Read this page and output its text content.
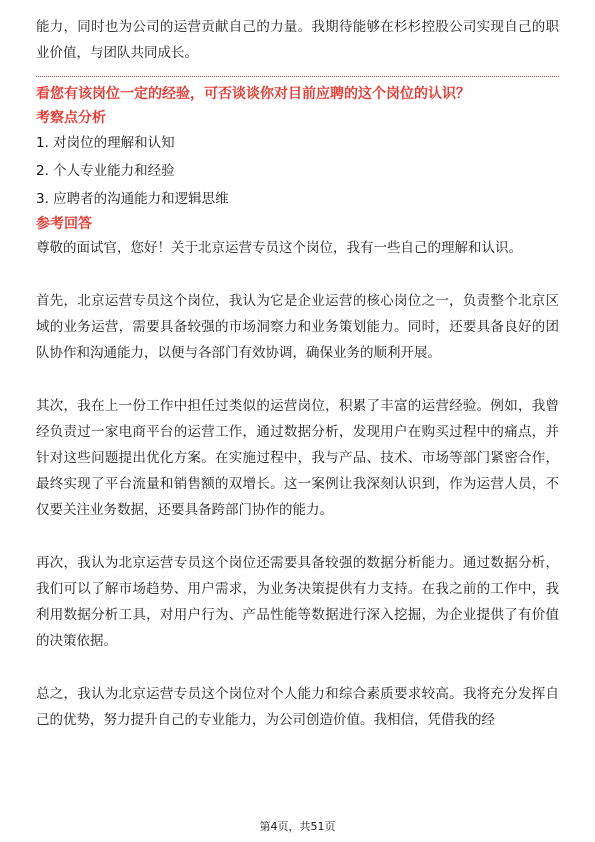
能力，同时也为公司的运营贡献自己的力量。我期待能够在杉杉控股公司实现自己的职业价值，与团队共同成长。

看您有该岗位一定的经验，可否谈谈你对目前应聘的这个岗位的认识？

考察点分析

1. 对岗位的理解和认知

2. 个人专业能力和经验

3. 应聘者的沟通能力和逻辑思维

参考回答

尊敬的面试官，您好！关于北京运营专员这个岗位，我有一些自己的理解和认识。

首先，北京运营专员这个岗位，我认为它是企业运营的核心岗位之一，负责整个北京区域的业务运营，需要具备较强的市场洞察力和业务策划能力。同时，还要具备良好的团队协作和沟通能力，以便与各部门有效协调，确保业务的顺利开展。

其次，我在上一份工作中担任过类似的运营岗位，积累了丰富的运营经验。例如，我曾经负责过一家电商平台的运营工作，通过数据分析，发现用户在购买过程中的痛点，并针对这些问题提出优化方案。在实施过程中，我与产品、技术、市场等部门紧密合作，最终实现了平台流量和销售额的双增长。这一案例让我深刻认识到，作为运营人员，不仅要关注业务数据，还要具备跨部门协作的能力。

再次，我认为北京运营专员这个岗位还需要具备较强的数据分析能力。通过数据分析，我们可以了解市场趋势、用户需求，为业务决策提供有力支持。在我之前的工作中，我利用数据分析工具，对用户行为、产品性能等数据进行深入挖掘，为企业提供了有价值的决策依据。

总之，我认为北京运营专员这个岗位对个人能力和综合素质要求较高。我将充分发挥自己的优势，努力提升自己的专业能力，为公司创造价值。我相信，凭借我的经

第4页，共51页
